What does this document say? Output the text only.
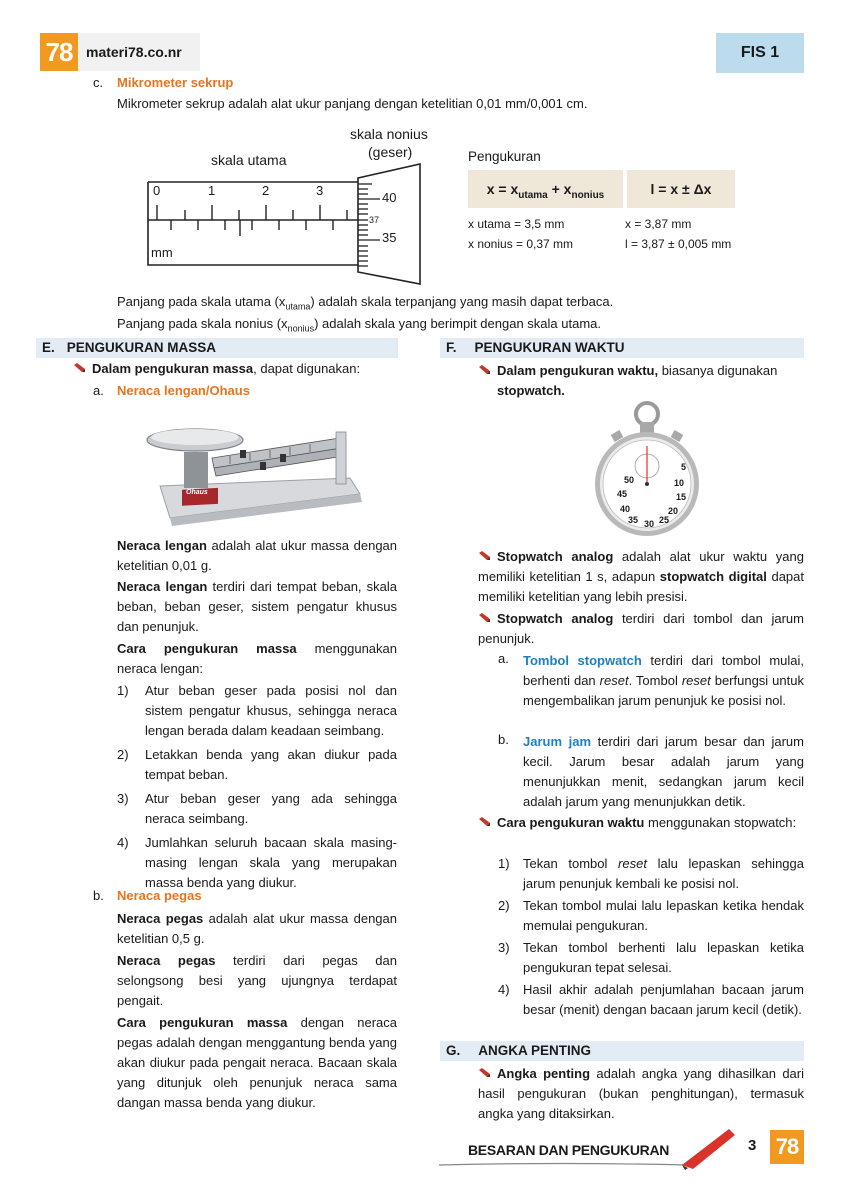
78 materi78.co.nr	FIS 1
c. Mikrometer sekrup
Mikrometer sekrup adalah alat ukur panjang dengan ketelitian 0,01 mm/0,001 cm.
skala utama
skala nonius
(geser)
0	1	2	3
mm
40
37
35
Pengukuran
$x = x_{utama} + x_{nonius}$	l = x ± Δx
x utama = 3,5 mm
x nonius = 0,37 mm
x = 3,87 mm
l = 3,87 ± 0,005 mm
Panjang pada skala utama $(x_{utama})$ adalah skala terpanjang yang masih dapat terbaca.
Panjang pada skala nonius $(x_{nonius})$ adalah skala yang berimpit dengan skala utama.
E. PENGUKURAN MASSA
Dalam pengukuran massa, dapat digunakan:
a. Neraca lengan/Ohaus
Ohaus
Neraca lengan adalah alat ukur massa dengan ketelitian 0,01 g.
Neraca lengan terdiri dari tempat beban, skala beban, beban geser, sistem pengatur khusus dan penunjuk.
Cara pengukuran massa menggunakan neraca lengan:
1)	Atur beban geser pada posisi nol dan sistem pengatur khusus, sehingga neraca lengan berada dalam keadaan seimbang.
2)	Letakkan benda yang akan diukur pada tempat beban.
3)	Atur beban geser yang ada sehingga neraca seimbang.
4)	Jumlahkan seluruh bacaan skala masing-masing lengan skala yang merupakan massa benda yang diukur.
b. Neraca pegas
Neraca pegas adalah alat ukur massa dengan ketelitian 0,5 g.
Neraca pegas terdiri dari pegas dan selongsong besi yang ujungnya terdapat pengait.
Cara pengukuran massa dengan neraca pegas adalah dengan menggantung benda yang akan diukur pada pengait neraca. Bacaan skala yang ditunjuk oleh penunjuk neraca sama dangan massa benda yang diukur.
F. PENGUKURAN WAKTU
Dalam pengukuran waktu, biasanya digunakan
stopwatch.
50
5
10
45	15
40	20
35 30 25
Stopwatch analog adalah alat ukur waktu yang memiliki ketelitian 1 s, adapun stopwatch digital dapat memiliki ketelitian yang lebih presisi.
Stopwatch analog terdiri dari tombol dan jarum penunjuk.
a. Tombol stopwatch terdiri dari tombol mulai, berhenti dan reset. Tombol reset berfungsi untuk mengembalikan jarum penunjuk ke posisi nol.
b. Jarum jam terdiri dari jarum besar dan jarum kecil. Jarum besar adalah jarum yang menunjukkan menit, sedangkan jarum kecil adalah jarum yang menunjukkan detik.
Cara pengukuran waktu menggunakan stopwatch:
1)	Tekan tombol reset lalu lepaskan sehingga jarum penunjuk kembali ke posisi nol.
2)	Tekan tombol mulai lalu lepaskan ketika hendak memulai pengukuran.
3)	Tekan tombol berhenti lalu lepaskan ketika pengukuran tepat selesai.
4)	Hasil akhir adalah penjumlahan bacaan jarum besar (menit) dengan bacaan jarum kecil (detik).
G. ANGKA PENTING
Angka penting adalah angka yang dihasilkan dari hasil pengukuran (bukan penghitungan), termasuk angka yang ditaksirkan.
BESARAN DAN PENGUKURAN	3 78
